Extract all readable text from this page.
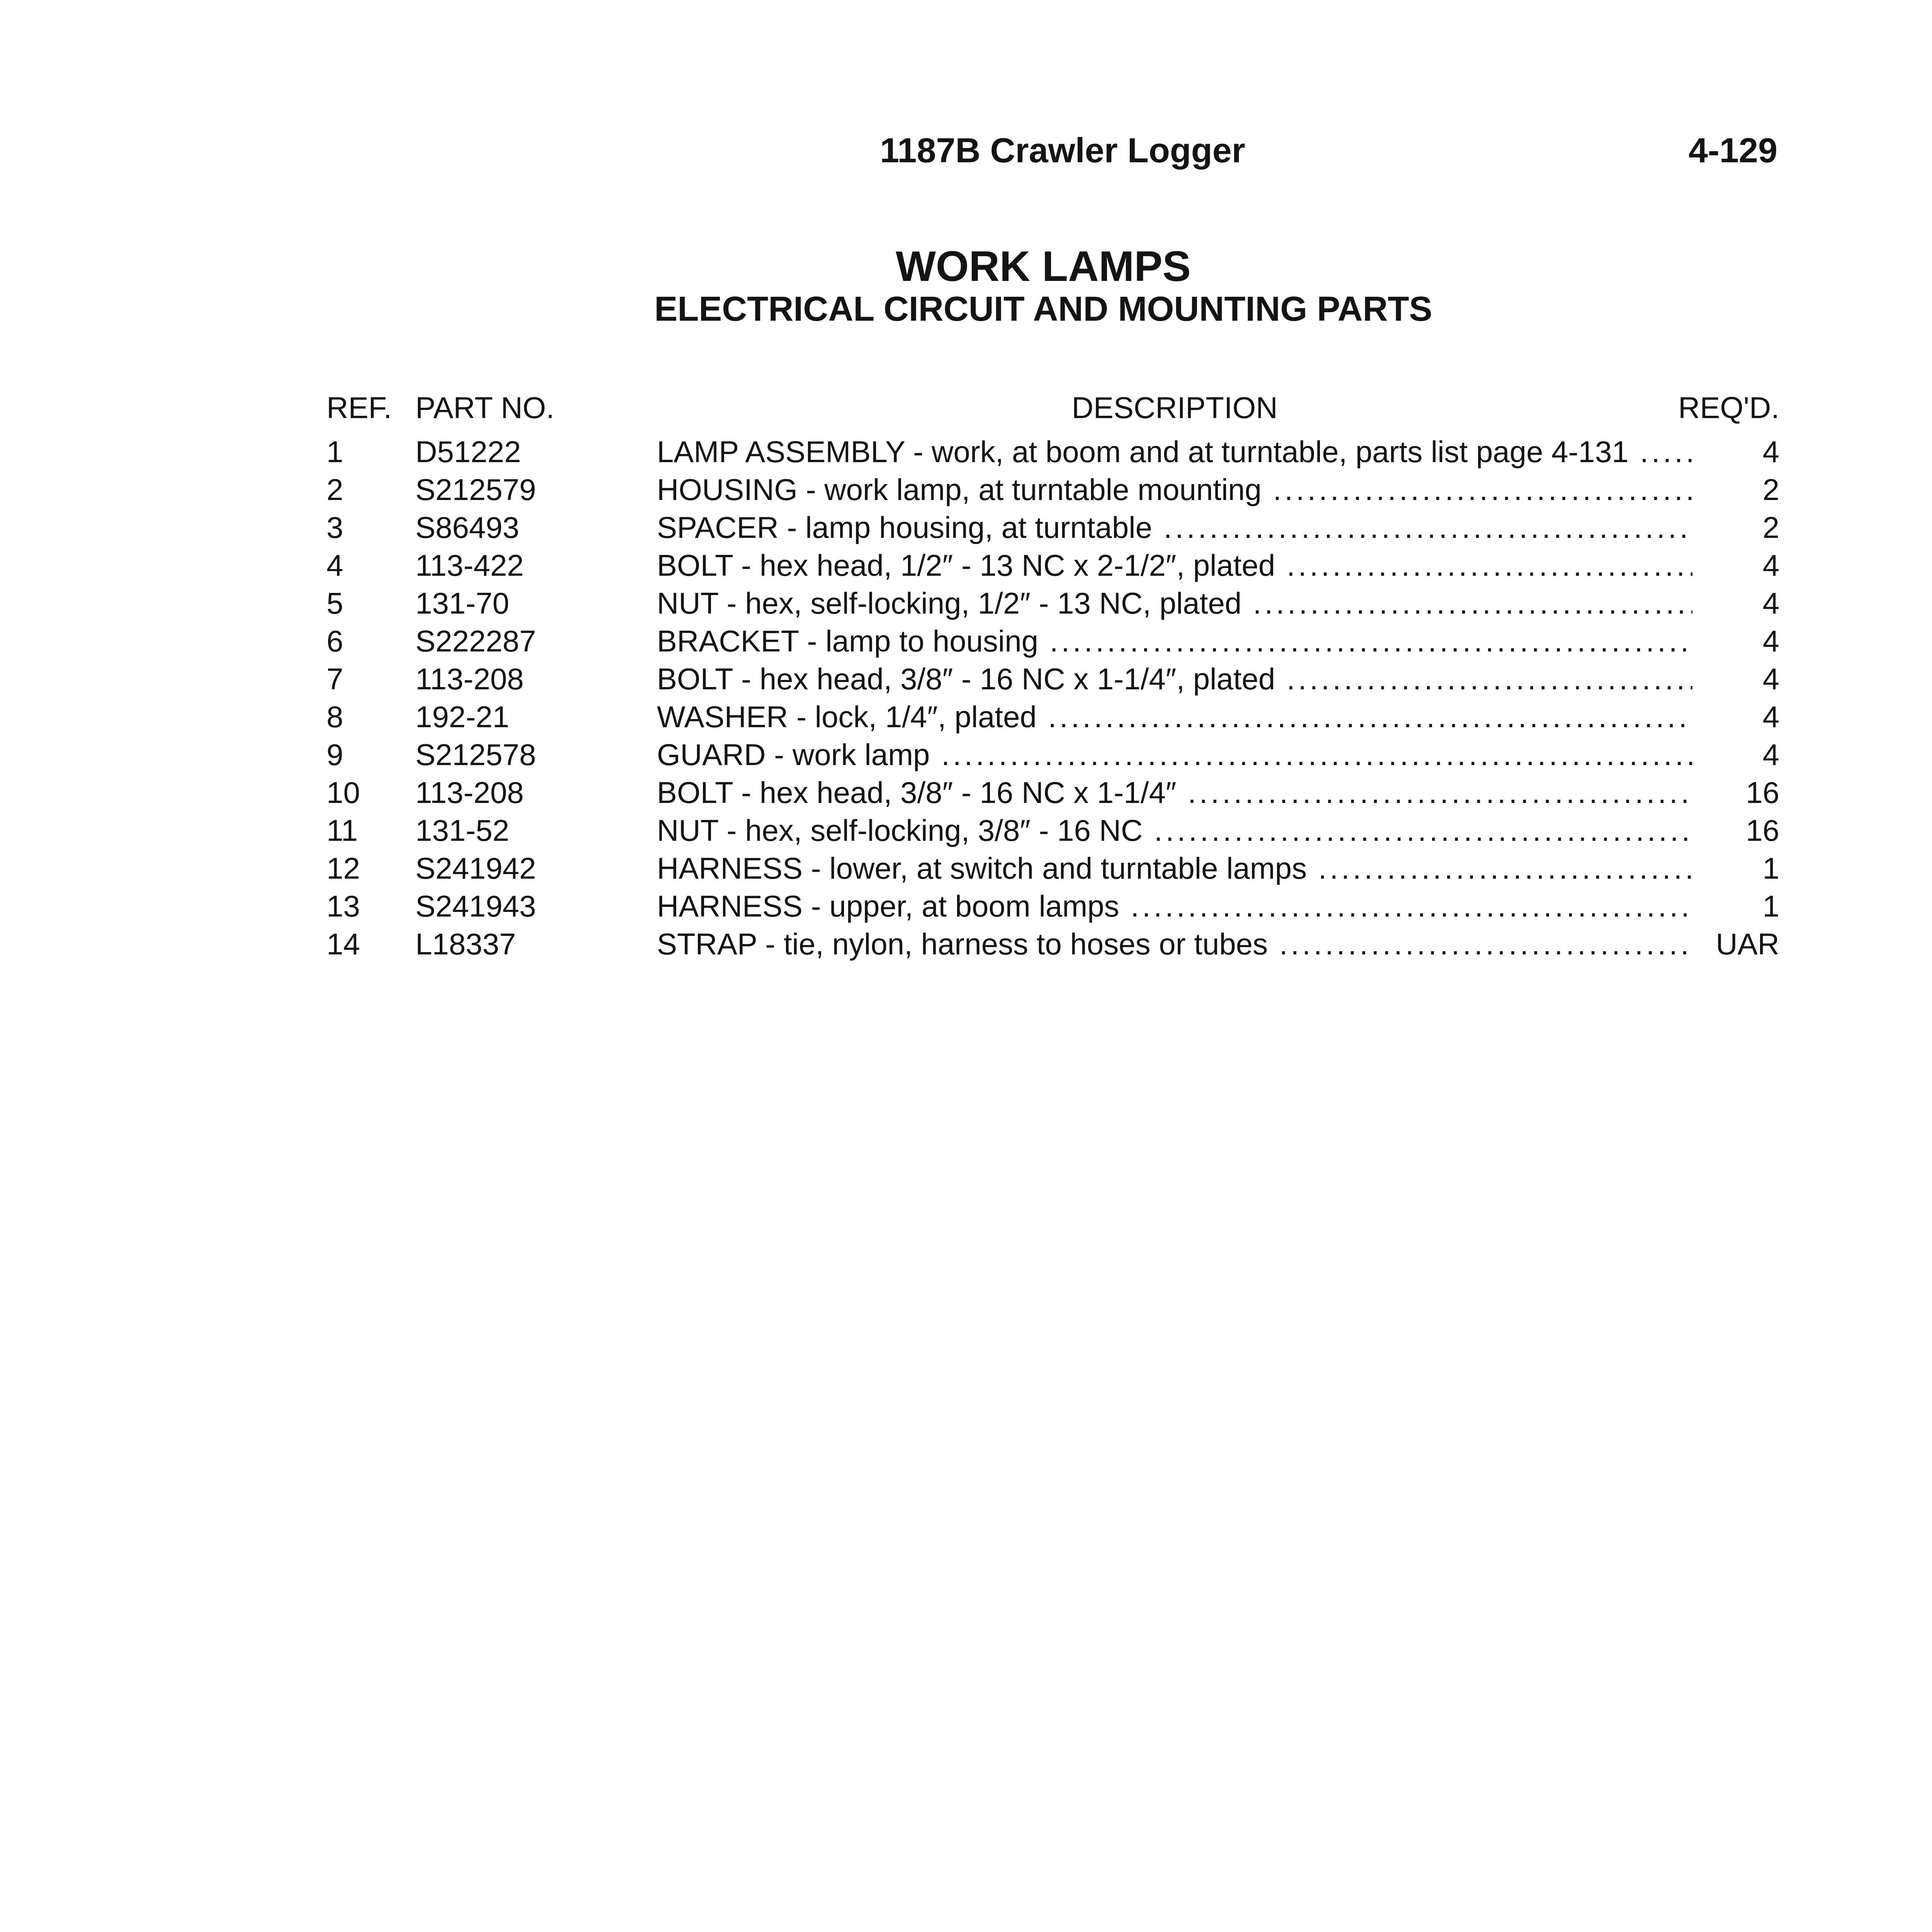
1187B Crawler Logger	4-129
WORK LAMPS
ELECTRICAL CIRCUIT AND MOUNTING PARTS
REF. PART NO.	DESCRIPTION	REQ'D.
1	D51222	LAMP ASSEMBLY - work, at boom and at turntable, parts list page 4-131 .....	4
2	S212579	HOUSING - work lamp, at turntable mounting .....	2
3	S86493	SPACER - lamp housing, at turntable .....	2
4	113-422	BOLT - hex head, 1/2″ - 13 NC x 2-1/2″, plated .....	4
5	131-70	NUT - hex, self-locking, 1/2″ - 13 NC, plated .....	4
6	S222287	BRACKET - lamp to housing .....	4
7	113-208	BOLT - hex head, 3/8″ - 16 NC x 1-1/4″, plated .....	4
8	192-21	WASHER - lock, 1/4″, plated .....	4
9	S212578	GUARD - work lamp .....	4
10	113-208	BOLT - hex head, 3/8″ - 16 NC x 1-1/4″ .....	16
11	131-52	NUT - hex, self-locking, 3/8″ - 16 NC .....	16
12	S241942	HARNESS - lower, at switch and turntable lamps .....	1
13	S241943	HARNESS - upper, at boom lamps .....	1
14	L18337	STRAP - tie, nylon, harness to hoses or tubes .....	UAR
